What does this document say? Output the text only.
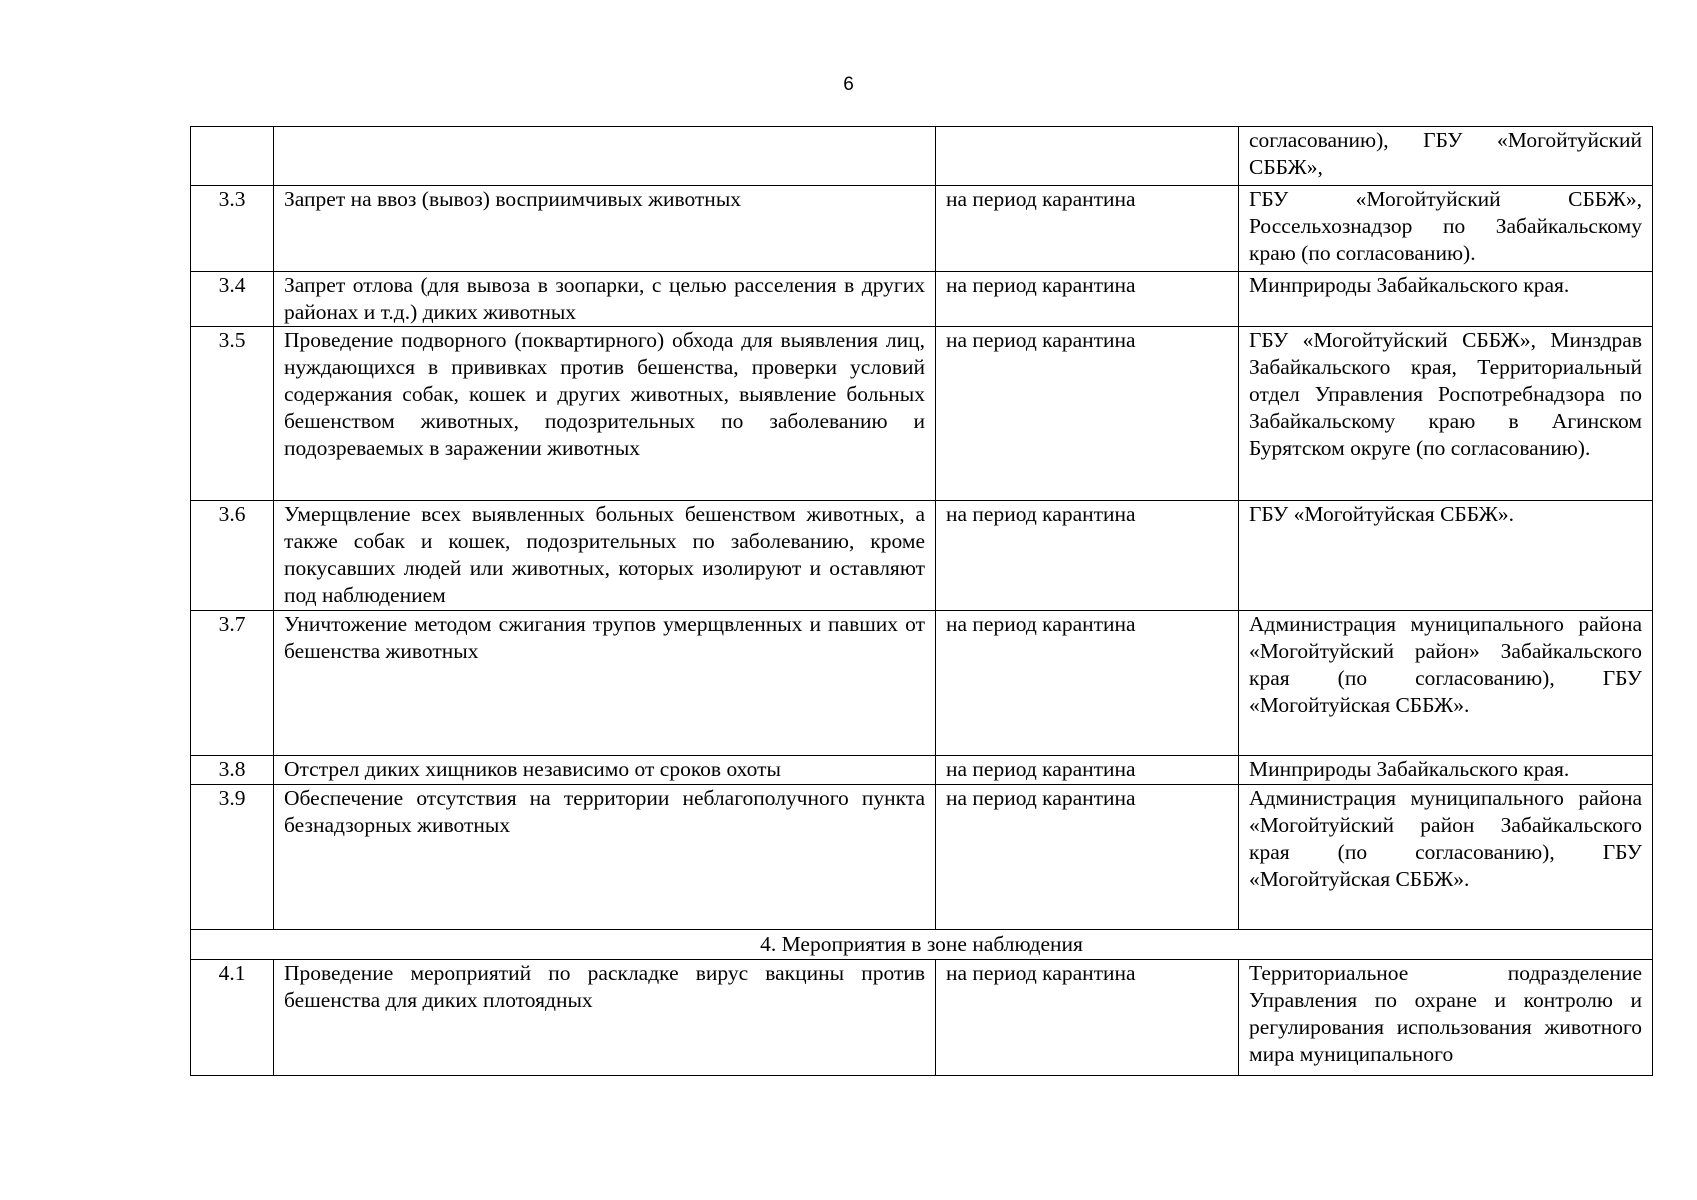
6
			согласованию), ГБУ «Могойтуйский СББЖ»,
3.3	Запрет на ввоз (вывоз) восприимчивых животных	на период карантина	ГБУ «Могойтуйский СББЖ», Россельхознадзор по Забайкальскому краю (по согласованию).
3.4	Запрет отлова (для вывоза в зоопарки, с целью расселения в других районах и т.д.) диких животных	на период карантина	Минприроды Забайкальского края.
3.5	Проведение подворного (поквартирного) обхода для выявления лиц, нуждающихся в прививках против бешенства, проверки условий содержания собак, кошек и других животных, выявление больных бешенством животных, подозрительных по заболеванию и подозреваемых в заражении животных	на период карантина	ГБУ «Могойтуйский СББЖ», Минздрав Забайкальского края, Территориальный отдел Управления Роспотребнадзора по Забайкальскому краю в Агинском Бурятском округе (по согласованию).
3.6	Умерщвление всех выявленных больных бешенством животных, а также собак и кошек, подозрительных по заболеванию, кроме покусавших людей или животных, которых изолируют и оставляют под наблюдением	на период карантина	ГБУ «Могойтуйская СББЖ».
3.7	Уничтожение методом сжигания трупов умерщвленных и павших от бешенства животных	на период карантина	Администрация муниципального района «Могойтуйский район» Забайкальского края (по согласованию), ГБУ «Могойтуйская СББЖ».
3.8	Отстрел диких хищников независимо от сроков охоты	на период карантина	Минприроды Забайкальского края.
3.9	Обеспечение отсутствия на территории неблагополучного пункта безнадзорных животных	на период карантина	Администрация муниципального района «Могойтуйский район Забайкальского края (по согласованию), ГБУ «Могойтуйская СББЖ».
4. Мероприятия в зоне наблюдения			
4.1	Проведение мероприятий по раскладке вирус вакцины против бешенства для диких плотоядных	на период карантина	Территориальное подразделение Управления по охране и контролю и регулирования использования животного мира муниципального
